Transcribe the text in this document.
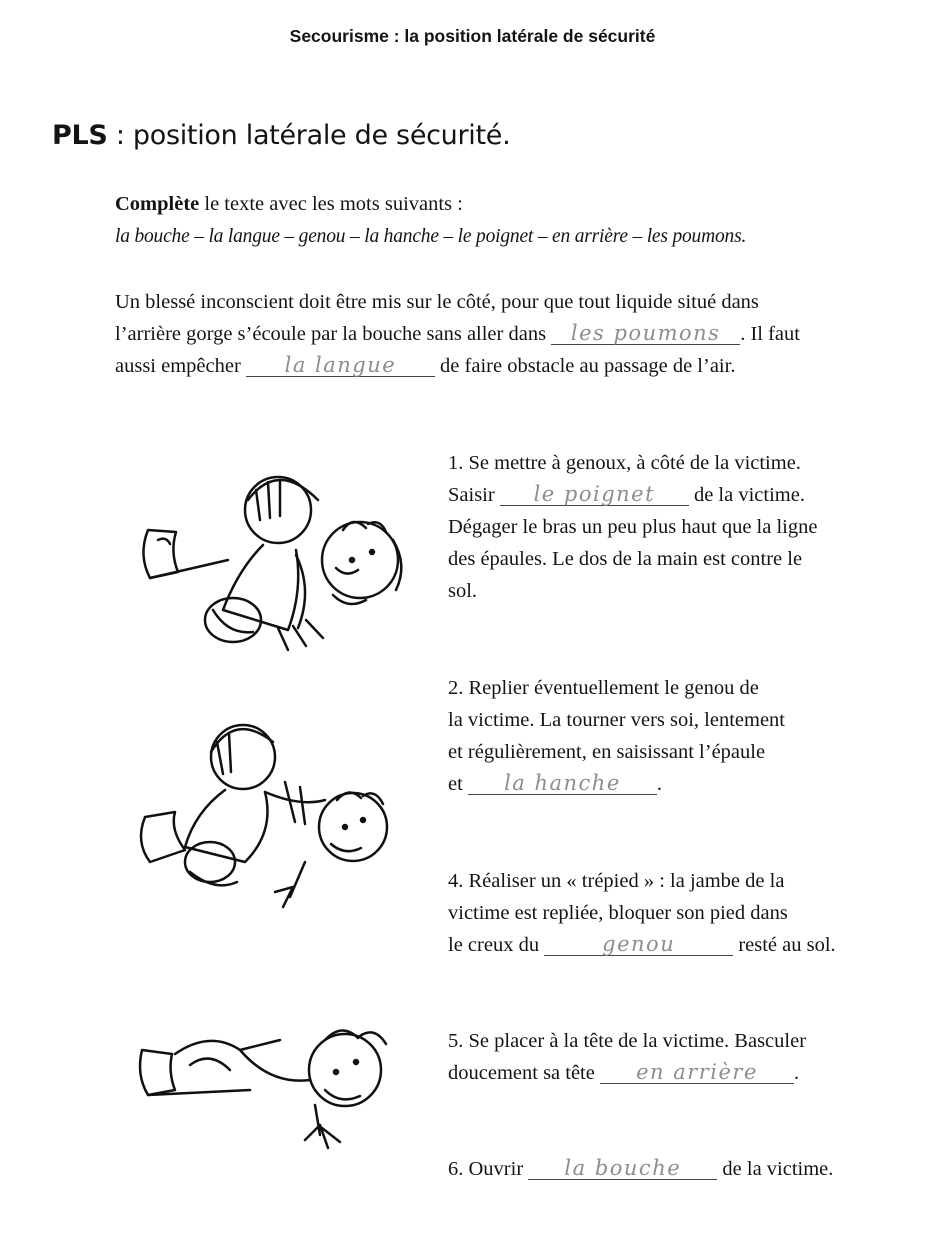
Secourisme : la position latérale de sécurité
PLS : position latérale de sécurité.
Complète le texte avec les mots suivants :
la bouche – la langue – genou – la hanche – le poignet – en arrière – les poumons.
Un blessé inconscient doit être mis sur le côté, pour que tout liquide situé dans
l’arrière gorge s’écoule par la bouche sans aller dans les poumons . Il faut
aussi empêcher la langue de faire obstacle au passage de l’air.
1. Se mettre à genoux, à côté de la victime.
Saisir le poignet de la victime.
Dégager le bras un peu plus haut que la ligne
des épaules. Le dos de la main est contre le
sol.
2. Replier éventuellement le genou de
la victime. La tourner vers soi, lentement
et régulièrement, en saisissant l’épaule
et la hanche .
4. Réaliser un « trépied » : la jambe de la
victime est repliée, bloquer son pied dans
le creux du	genou	resté au sol.
5. Se placer à la tête de la victime. Basculer
doucement sa tête en arrière .
6. Ouvrir la bouche de la victime.
